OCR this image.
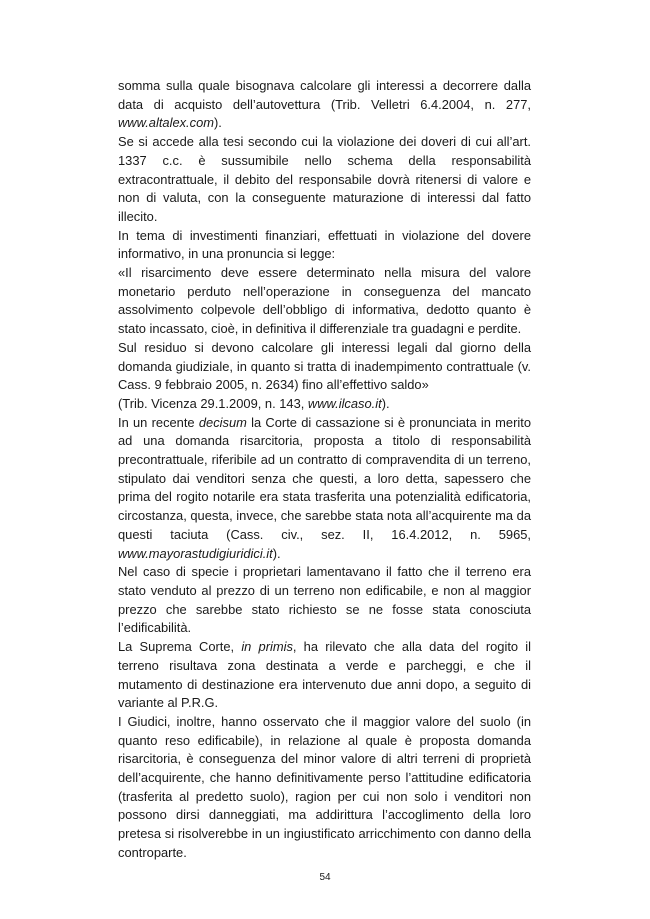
somma sulla quale bisognava calcolare gli interessi a decorrere dalla data di acquisto dell’autovettura (Trib. Velletri 6.4.2004, n. 277, www.altalex.com).

Se si accede alla tesi secondo cui la violazione dei doveri di cui all’art. 1337 c.c. è sussumibile nello schema della responsabilità extracontrattuale, il debito del responsabile dovrà ritenersi di valore e non di valuta, con la conseguente maturazione di interessi dal fatto illecito.

In tema di investimenti finanziari, effettuati in violazione del dovere informativo, in una pronuncia si legge:

«Il risarcimento deve essere determinato nella misura del valore monetario perduto nell’operazione in conseguenza del mancato assolvimento colpevole dell’obbligo di informativa, dedotto quanto è stato incassato, cioè, in definitiva il differenziale tra guadagni e perdite.

Sul residuo si devono calcolare gli interessi legali dal giorno della domanda giudiziale, in quanto si tratta di inadempimento contrattuale (v. Cass. 9 febbraio 2005, n. 2634) fino all’effettivo saldo»

(Trib. Vicenza 29.1.2009, n. 143, www.ilcaso.it).

In un recente decisum la Corte di cassazione si è pronunciata in merito ad una domanda risarcitoria, proposta a titolo di responsabilità precontrattuale, riferibile ad un contratto di compravendita di un terreno, stipulato dai venditori senza che questi, a loro detta, sapessero che prima del rogito notarile era stata trasferita una potenzialità edificatoria, circostanza, questa, invece, che sarebbe stata nota all’acquirente ma da questi taciuta (Cass. civ., sez. II, 16.4.2012, n. 5965, www.mayorastudigiuridici.it).

Nel caso di specie i proprietari lamentavano il fatto che il terreno era stato venduto al prezzo di un terreno non edificabile, e non al maggior prezzo che sarebbe stato richiesto se ne fosse stata conosciuta l’edificabilità.

La Suprema Corte, in primis, ha rilevato che alla data del rogito il terreno risultava zona destinata a verde e parcheggi, e che il mutamento di destinazione era intervenuto due anni dopo, a seguito di variante al P.R.G.

I Giudici, inoltre, hanno osservato che il maggior valore del suolo (in quanto reso edificabile), in relazione al quale è proposta domanda risarcitoria, è conseguenza del minor valore di altri terreni di proprietà dell’acquirente, che hanno definitivamente perso l’attitudine edificatoria (trasferita al predetto suolo), ragion per cui non solo i venditori non possono dirsi danneggiati, ma addirittura l’accoglimento della loro pretesa si risolverebbe in un ingiustificato arricchimento con danno della controparte.

54
